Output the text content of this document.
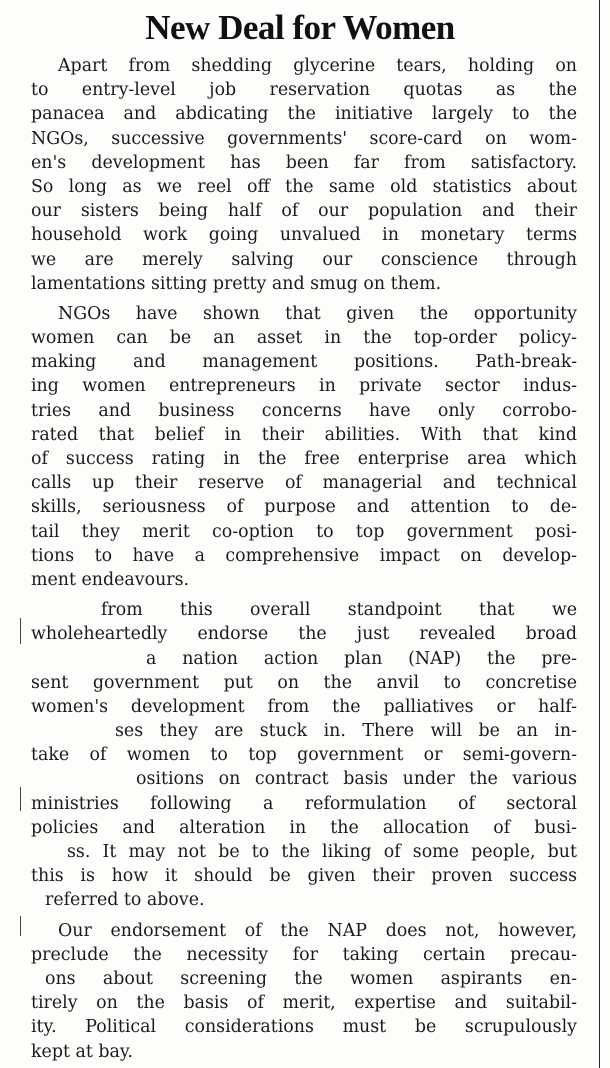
New Deal for Women
Apart from shedding glycerine tears, holding on
to entry-level job reservation quotas as the
panacea and abdicating the initiative largely to the
NGOs, successive governments' score-card on wom-
en's development has been far from satisfactory.
So long as we reel off the same old statistics about
our sisters being half of our population and their
household work going unvalued in monetary terms
we are merely salving our conscience through
lamentations sitting pretty and smug on them.
NGOs have shown that given the opportunity
women can be an asset in the top-order policy-
making and management positions. Path-break-
ing women entrepreneurs in private sector indus-
tries and business concerns have only corrobo-
rated that belief in their abilities. With that kind
of success rating in the free enterprise area which
calls up their reserve of managerial and technical
skills, seriousness of purpose and attention to de-
tail they merit co-option to top government posi-
tions to have a comprehensive impact on develop-
ment endeavours.
from this overall standpoint that we
wholeheartedly endorse the just revealed broad
a nation action plan (NAP) the pre-
sent government put on the anvil to concretise
women's development from the palliatives or half-
ses they are stuck in. There will be an in-
take of women to top government or semi-govern-
ositions on contract basis under the various
ministries following a reformulation of sectoral
policies and alteration in the allocation of busi-
ss. It may not be to the liking of some people, but
this is how it should be given their proven success
referred to above.
Our endorsement of the NAP does not, however,
preclude the necessity for taking certain precau-
ons about screening the women aspirants en-
tirely on the basis of merit, expertise and suitabil-
ity. Political considerations must be scrupulously
kept at bay.
